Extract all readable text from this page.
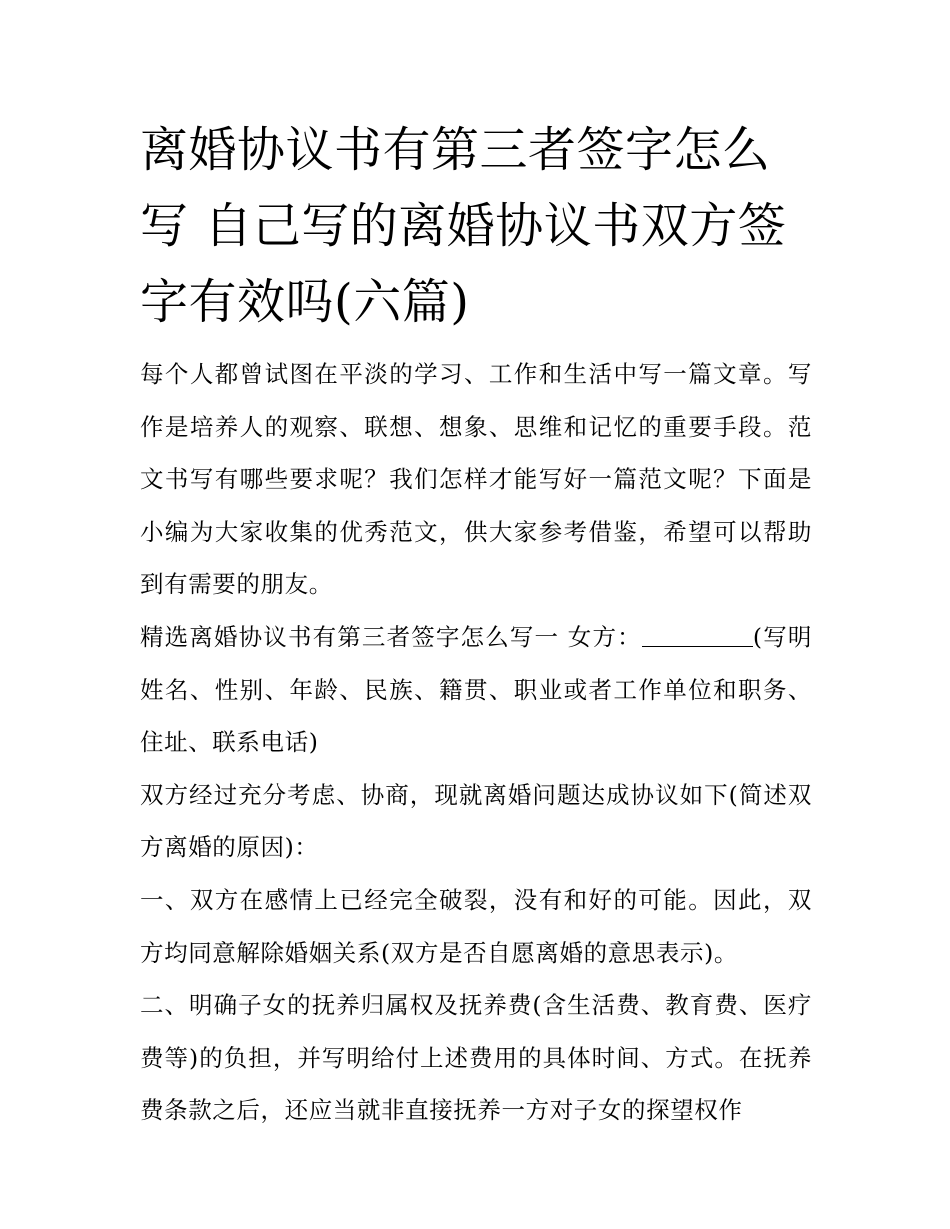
离婚协议书有第三者签字怎么写 自己写的离婚协议书双方签字有效吗(六篇)

每个人都曾试图在平淡的学习、工作和生活中写一篇文章。写作是培养人的观察、联想、想象、思维和记忆的重要手段。范文书写有哪些要求呢？我们怎样才能写好一篇范文呢？下面是小编为大家收集的优秀范文，供大家参考借鉴，希望可以帮助到有需要的朋友。

精选离婚协议书有第三者签字怎么写一 女方：	(写明姓名、性别、年龄、民族、籍贯、职业或者工作单位和职务、住址、联系电话)

双方经过充分考虑、协商，现就离婚问题达成协议如下(简述双方离婚的原因)：

一、双方在感情上已经完全破裂，没有和好的可能。因此，双方均同意解除婚姻关系(双方是否自愿离婚的意思表示)。

二、明确子女的抚养归属权及抚养费(含生活费、教育费、医疗费等)的负担，并写明给付上述费用的具体时间、方式。在抚养费条款之后，还应当就非直接抚养一方对子女的探望权作
